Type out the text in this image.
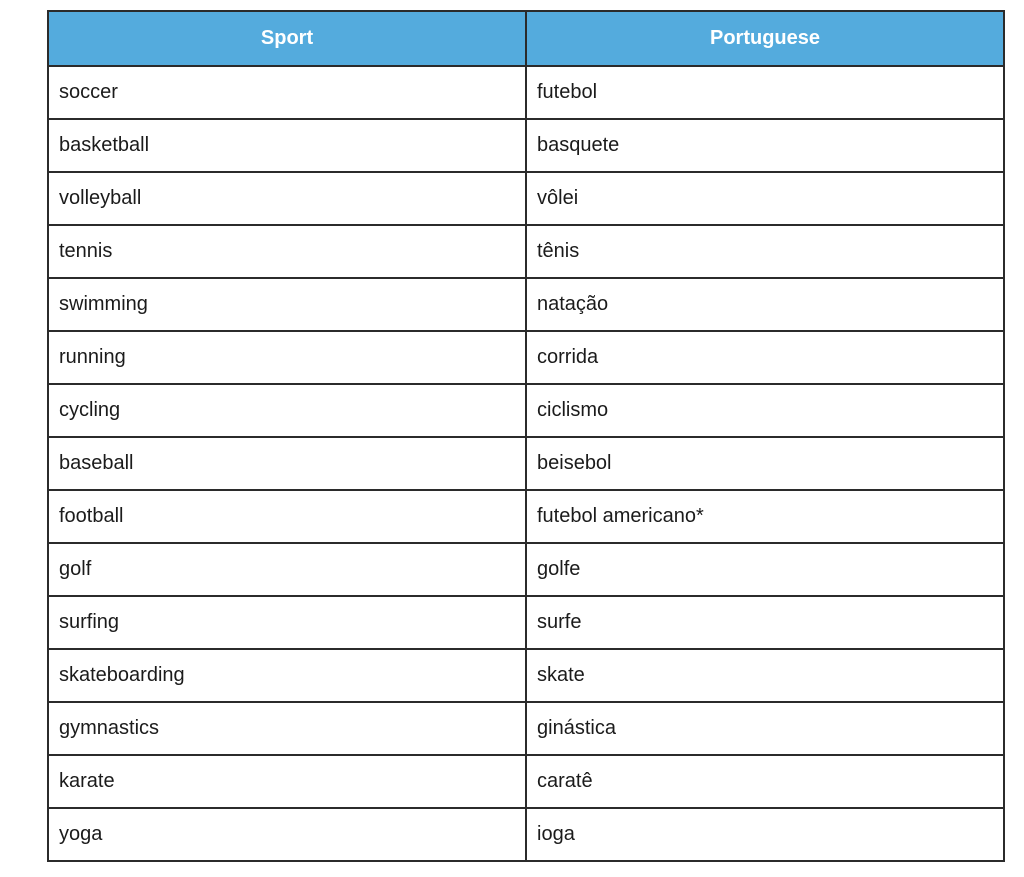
Sport	Portuguese
soccer	futebol
basketball	basquete
volleyball	vôlei
tennis	tênis
swimming	natação
running	corrida
cycling	ciclismo
baseball	beisebol
football	futebol americano*
golf	golfe
surfing	surfe
skateboarding	skate
gymnastics	ginástica
karate	caratê
yoga	ioga
